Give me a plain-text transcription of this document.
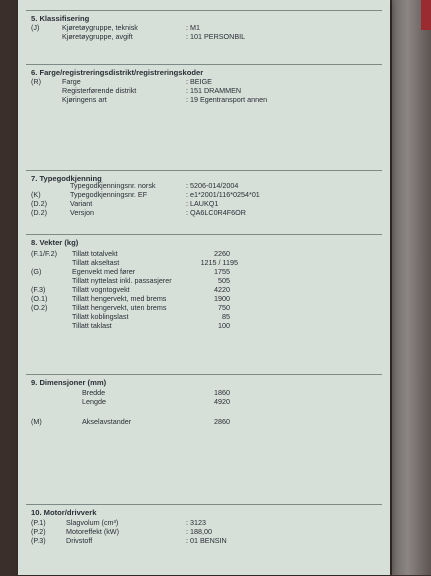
5. Klassifisering
(J)	Kjøretøygruppe, teknisk	: M1
Kjøretøygruppe, avgift	: 101 PERSONBIL
6. Farge/registreringsdistrikt/registreringskoder
(R)	Farge	: BEIGE
Registerførende distrikt	: 151 DRAMMEN
Kjøringens art	: 19 Egentransport annen
7. Typegodkjenning
Typegodkjenningsnr. norsk	: 5206-014/2004
(K)	Typegodkjenningsnr. EF	: e1*2001/116*0254*01
(D.2)	Variant	: LAUKQ1
(D.2)	Versjon	: QA6LC0R4F6OR
8. Vekter (kg)
(F.1/F.2) Tillatt totalvekt	2260
Tillatt akseltast	1215 / 1195
(G)	Egenvekt med fører	1755
Tillatt nyttelast inkl. passasjerer	505
(F.3)	Tillatt vogntogvekt	4220
(O.1)	Tillatt hengervekt, med brems	1900
(O.2)	Tillatt hengervekt, uten brems	750
Tillatt koblingslast	85
Tillatt taklast	100
9. Dimensjoner (mm)
Bredde	1860
Lengde	4920
(M)	Akselavstander	2860
10. Motor/drivverk
(P.1)	Slagvolum (cm³)	: 3123
(P.2)	Motoreffekt (kW)	: 188,00
(P.3)	Drivstoff	: 01 BENSIN
